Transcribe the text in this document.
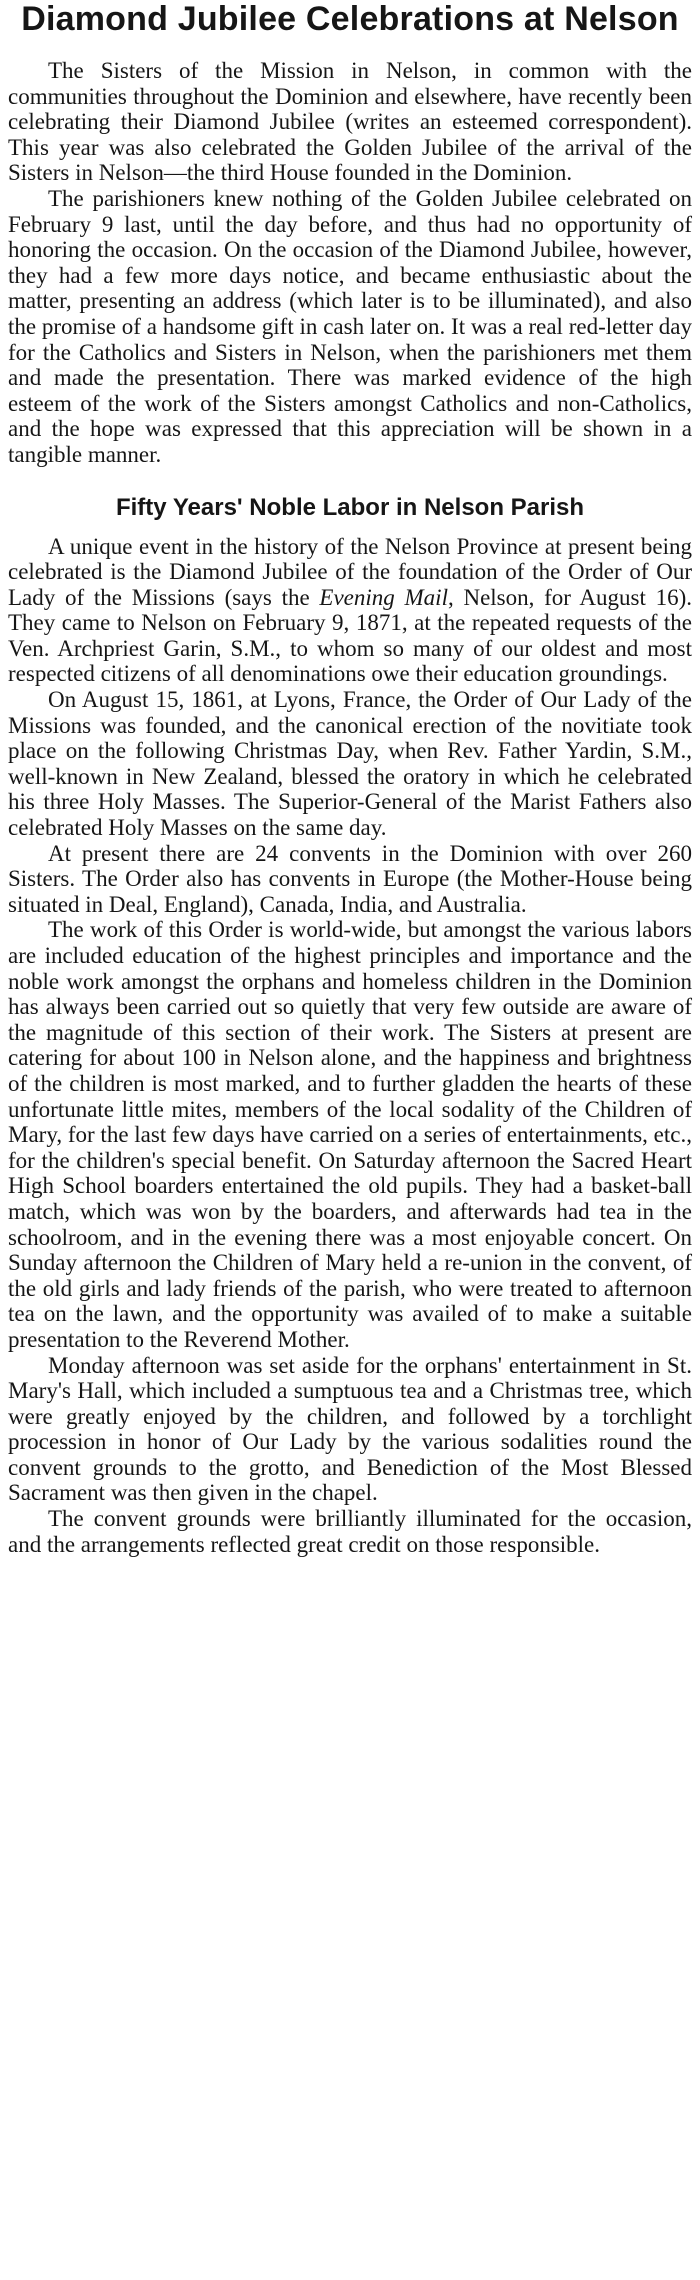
Diamond Jubilee Celebrations at Nelson

The Sisters of the Mission in Nelson, in common with the communities throughout the Dominion and elsewhere, have recently been celebrating their Diamond Jubilee (writes an esteemed correspondent). This year was also celebrated the Golden Jubilee of the arrival of the Sisters in Nelson—the third House founded in the Dominion.

The parishioners knew nothing of the Golden Jubilee celebrated on February 9 last, until the day before, and thus had no opportunity of honoring the occasion. On the occasion of the Diamond Jubilee, however, they had a few more days notice, and became enthusiastic about the matter, presenting an address (which later is to be illuminated), and also the promise of a handsome gift in cash later on. It was a real red-letter day for the Catholics and Sisters in Nelson, when the parishioners met them and made the presentation. There was marked evidence of the high esteem of the work of the Sisters amongst Catholics and non-Catholics, and the hope was expressed that this appreciation will be shown in a tangible manner.

Fifty Years' Noble Labor in Nelson Parish

A unique event in the history of the Nelson Province at present being celebrated is the Diamond Jubilee of the foundation of the Order of Our Lady of the Missions (says the Evening Mail, Nelson, for August 16). They came to Nelson on February 9, 1871, at the repeated requests of the Ven. Archpriest Garin, S.M., to whom so many of our oldest and most respected citizens of all denominations owe their education groundings.

On August 15, 1861, at Lyons, France, the Order of Our Lady of the Missions was founded, and the canonical erection of the novitiate took place on the following Christmas Day, when Rev. Father Yardin, S.M., well-known in New Zealand, blessed the oratory in which he celebrated his three Holy Masses. The Superior-General of the Marist Fathers also celebrated Holy Masses on the same day.

At present there are 24 convents in the Dominion with over 260 Sisters. The Order also has convents in Europe (the Mother-House being situated in Deal, England), Canada, India, and Australia.

The work of this Order is world-wide, but amongst the various labors are included education of the highest principles and importance and the noble work amongst the orphans and homeless children in the Dominion has always been carried out so quietly that very few outside are aware of the magnitude of this section of their work. The Sisters at present are catering for about 100 in Nelson alone, and the happiness and brightness of the children is most marked, and to further gladden the hearts of these unfortunate little mites, members of the local sodality of the Children of Mary, for the last few days have carried on a series of entertainments, etc., for the children's special benefit. On Saturday afternoon the Sacred Heart High School boarders entertained the old pupils. They had a basket-ball match, which was won by the boarders, and afterwards had tea in the schoolroom, and in the evening there was a most enjoyable concert. On Sunday afternoon the Children of Mary held a re-union in the convent, of the old girls and lady friends of the parish, who were treated to afternoon tea on the lawn, and the opportunity was availed of to make a suitable presentation to the Reverend Mother.

Monday afternoon was set aside for the orphans' entertainment in St. Mary's Hall, which included a sumptuous tea and a Christmas tree, which were greatly enjoyed by the children, and followed by a torchlight procession in honor of Our Lady by the various sodalities round the convent grounds to the grotto, and Benediction of the Most Blessed Sacrament was then given in the chapel.

The convent grounds were brilliantly illuminated for the occasion, and the arrangements reflected great credit on those responsible.
